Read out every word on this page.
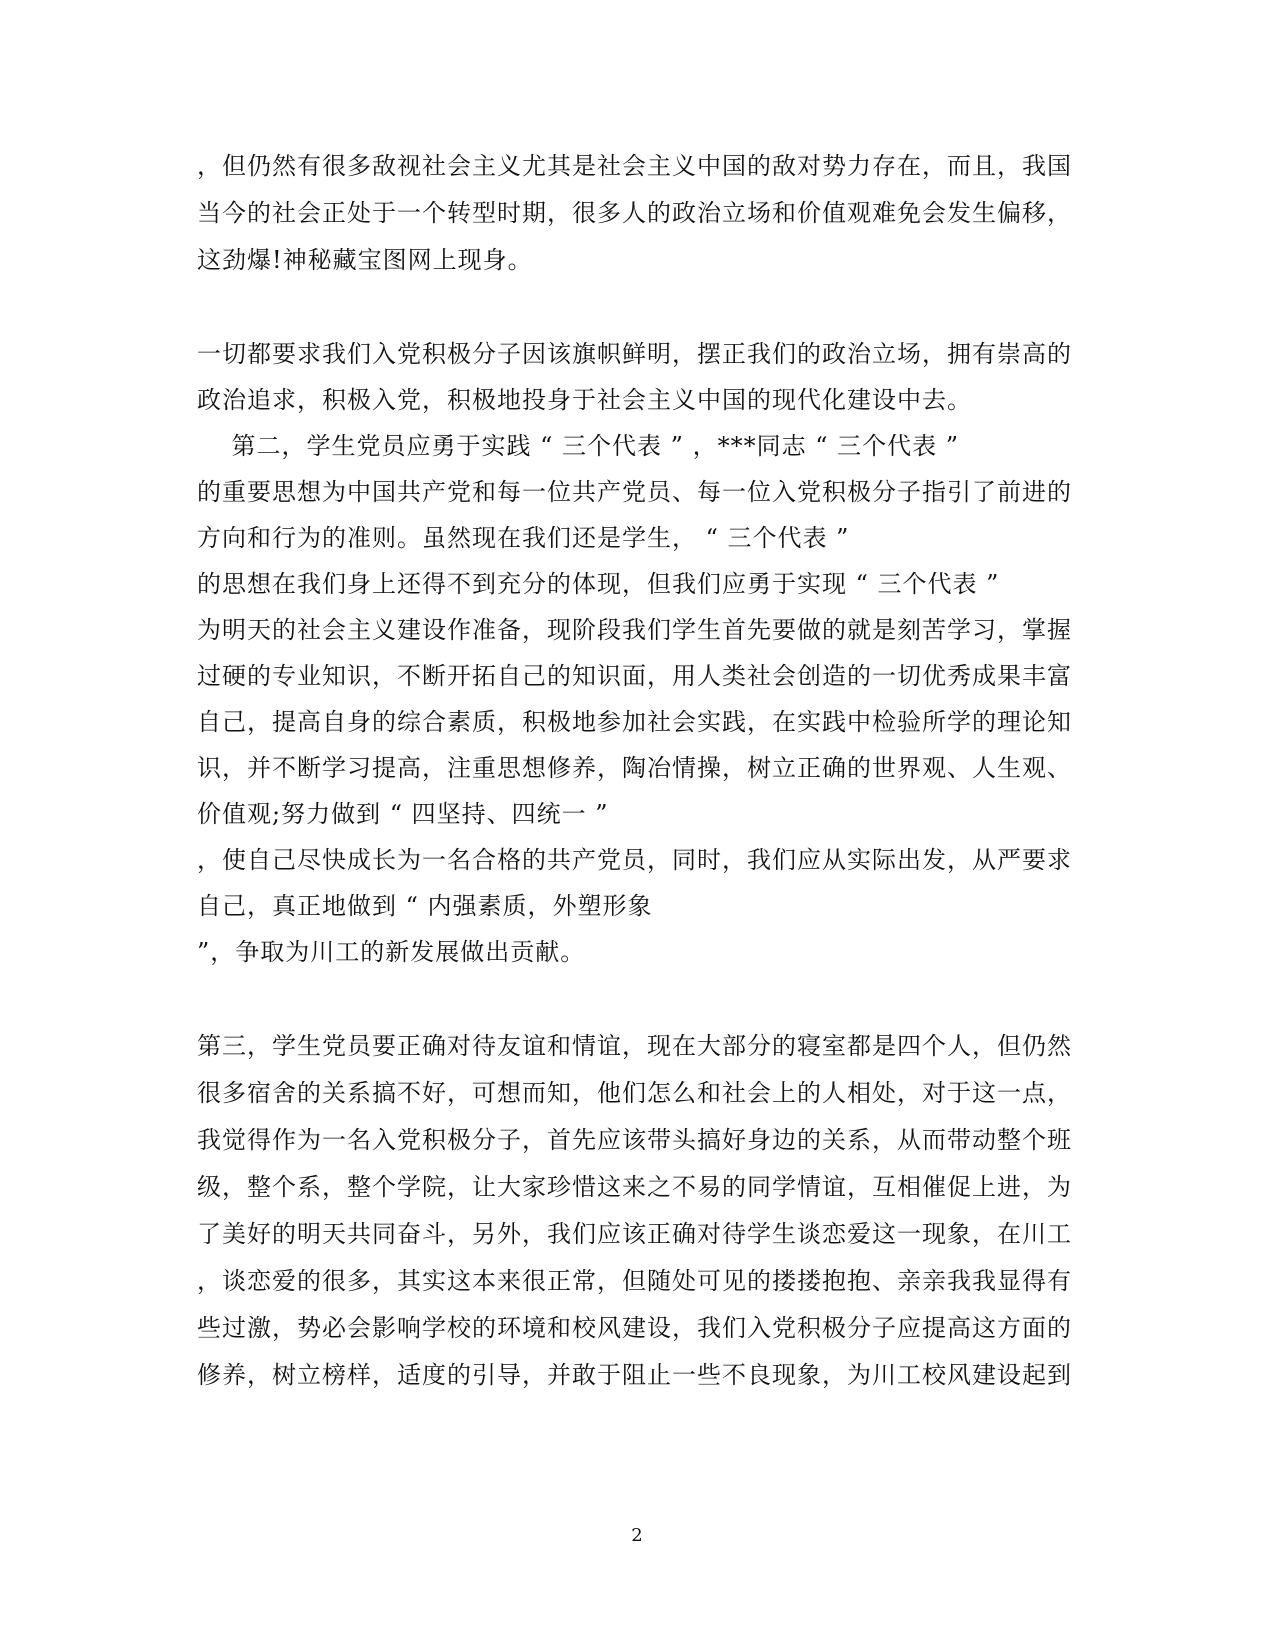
，但仍然有很多敌视社会主义尤其是社会主义中国的敌对势力存在，而且，我国
当今的社会正处于一个转型时期，很多人的政治立场和价值观难免会发生偏移，
这劲爆!神秘藏宝图网上现身。
一切都要求我们入党积极分子因该旗帜鲜明，摆正我们的政治立场，拥有崇高的
政治追求，积极入党，积极地投身于社会主义中国的现代化建设中去。
第二，学生党员应勇于实践 “ 三个代表 ” ，***同志 “ 三个代表 ”
的重要思想为中国共产党和每一位共产党员、每一位入党积极分子指引了前进的
方向和行为的准则。虽然现在我们还是学生， “ 三个代表 ”
的思想在我们身上还得不到充分的体现，但我们应勇于实现 “ 三个代表 ”
为明天的社会主义建设作准备，现阶段我们学生首先要做的就是刻苦学习，掌握
过硬的专业知识，不断开拓自己的知识面，用人类社会创造的一切优秀成果丰富
自己，提高自身的综合素质，积极地参加社会实践，在实践中检验所学的理论知
识，并不断学习提高，注重思想修养，陶冶情操，树立正确的世界观、人生观、
价值观;努力做到 “ 四坚持、四统一 ”
，使自己尽快成长为一名合格的共产党员，同时，我们应从实际出发，从严要求
自己，真正地做到 “ 内强素质，外塑形象
”，争取为川工的新发展做出贡献。
第三，学生党员要正确对待友谊和情谊，现在大部分的寝室都是四个人，但仍然
很多宿舍的关系搞不好，可想而知，他们怎么和社会上的人相处，对于这一点，
我觉得作为一名入党积极分子，首先应该带头搞好身边的关系，从而带动整个班
级，整个系，整个学院，让大家珍惜这来之不易的同学情谊，互相催促上进，为
了美好的明天共同奋斗，另外，我们应该正确对待学生谈恋爱这一现象，在川工
，谈恋爱的很多，其实这本来很正常，但随处可见的搂搂抱抱、亲亲我我显得有
些过激，势必会影响学校的环境和校风建设，我们入党积极分子应提高这方面的
修养，树立榜样，适度的引导，并敢于阻止一些不良现象，为川工校风建设起到
2
